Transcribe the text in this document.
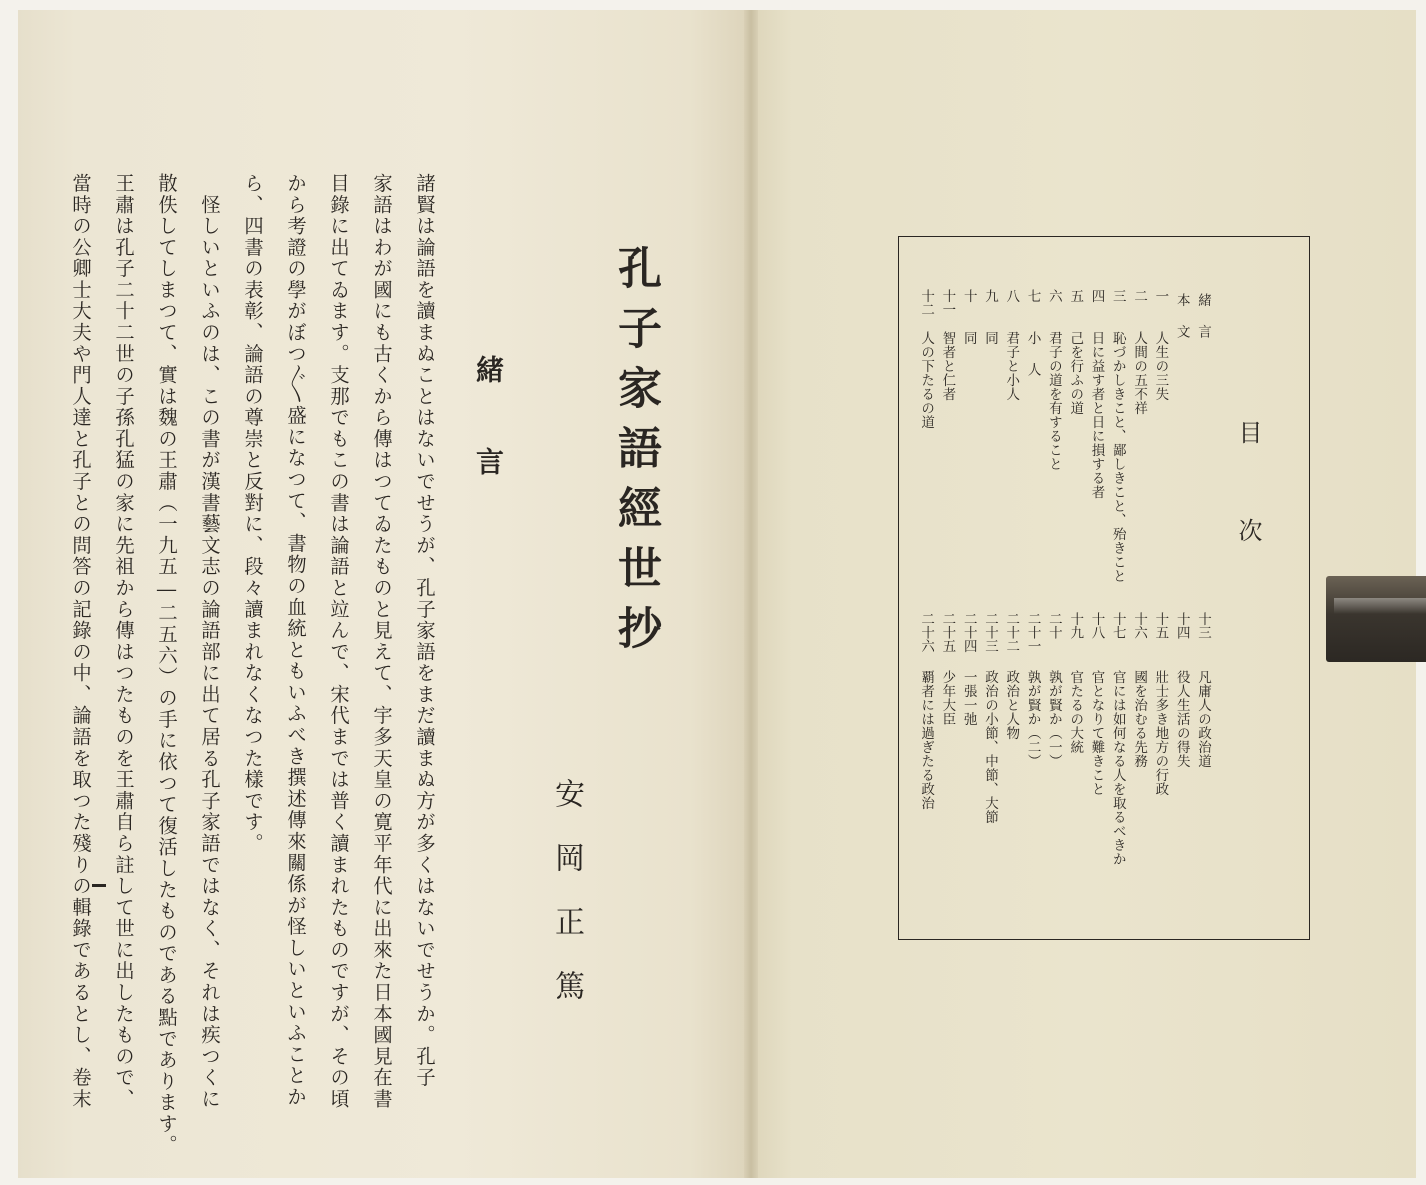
孔子家語經世抄

安岡正篤

緒言

諸賢は論語を讀まぬことはないでせうが、孔子家語をまだ讀まぬ方が多くはないでせうか。孔子

家語はわが國にも古くから傳はつてゐたものと見えて、宇多天皇の寛平年代に出來た日本國見在書

目錄に出てゐます。支那でもこの書は論語と竝んで、宋代までは普く讀まれたものですが、その頃

から考證の學がぼつ〲盛になつて、書物の血統ともいふべき撰述傳來關係が怪しいといふことか

ら、四書の表彰、論語の尊崇と反對に、段々讀まれなくなつた樣です。

　怪しいといふのは、この書が漢書藝文志の論語部に出て居る孔子家語ではなく、それは疾つくに

散佚してしまつて、實は魏の王肅（一九五―二五六）の手に依つて復活したものである點であります。

王肅は孔子二十二世の子孫孔猛の家に先祖から傳はつたものを王肅自ら註して世に出したもので、

當時の公卿士大夫や門人達と孔子との問答の記錄の中、論語を取つた殘りの輯錄であるとし、卷末	目次

緒言

本文

一

人生の三失

二

人間の五不祥

三

恥づかしきこと、鄙しきこと、殆きこと

四

日に益す者と日に損する者

五

己を行ふの道

六

君子の道を有すること

七

小人

八

君子と小人

九

同

十

同

十一

智者と仁者

十二

人の下たるの道

十三

凡庸人の政治道

十四

役人生活の得失

十五

壯士多き地方の行政

十六

國を治むる先務

十七

官には如何なる人を取るべきか

十八

官となりて難きこと

十九

官たるの大統

二十

孰が賢か（一）

二十一

孰が賢か（二）

二十二

政治と人物

二十三

政治の小節、中節、大節

二十四

一張一弛

二十五

少年大臣

二十六

覇者には過ぎたる政治
